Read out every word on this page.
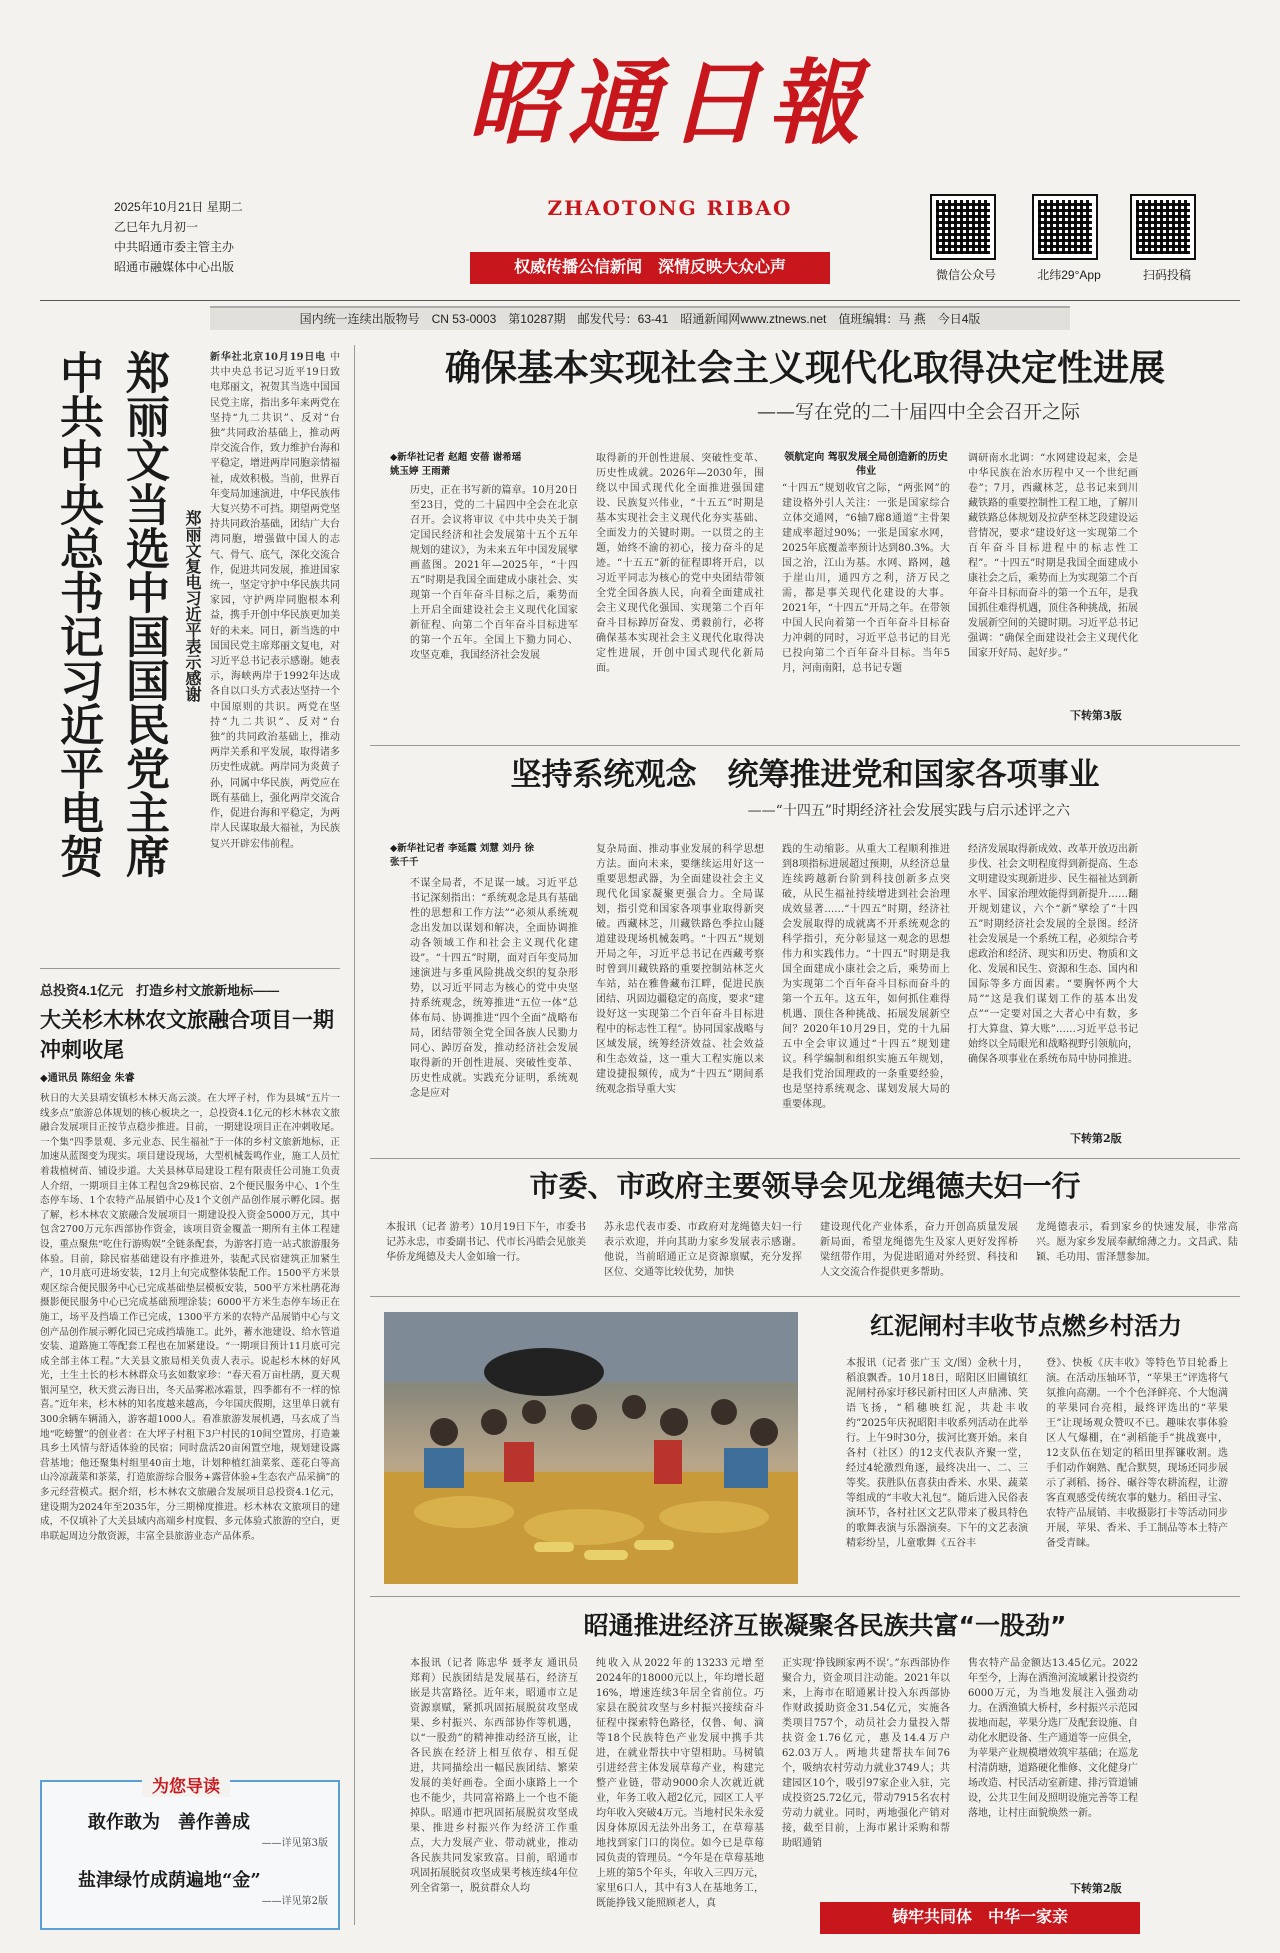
昭通日報
ZHAOTONG RIBAO
2025年10月21日 星期二
乙巳年九月初一
中共昭通市委主管主办
昭通市融媒体中心出版	权威传播公信新闻　深情反映大众心声	微信公众号	北纬29°App	扫码投稿
国内统一连续出版物号　CN 53-0003　第10287期　邮发代号：63-41　昭通新闻网www.ztnews.net　值班编辑：马 燕　今日4版
郑丽文当选中国国民党主席
中共中央总书记习近平电贺	郑丽文复电习近平表示感谢
新华社北京10月19日电 中共中央总书记习近平19日致电郑丽文，祝贺其当选中国国民党主席，指出多年来两党在坚持“九二共识”、反对“台独”共同政治基础上，推动两岸交流合作，致力维护台海和平稳定，增进两岸同胞亲情福祉，成效积极。当前，世界百年变局加速演进，中华民族伟大复兴势不可挡。期望两党坚持共同政治基础，团结广大台湾同胞，增强做中国人的志气、骨气、底气，深化交流合作，促进共同发展，推进国家统一，坚定守护中华民族共同家园，守护两岸同胞根本利益，携手开创中华民族更加美好的未来。同日，新当选的中国国民党主席郑丽文复电，对习近平总书记表示感谢。她表示，海峡两岸于1992年达成各自以口头方式表达坚持一个中国原则的共识。两党在坚持“九二共识”、反对“台独”的共同政治基础上，推动两岸关系和平发展，取得诸多历史性成就。两岸同为炎黄子孙，同属中华民族，两党应在既有基础上，强化两岸交流合作，促进台海和平稳定，为两岸人民谋取最大福祉，为民族复兴开辟宏伟前程。
总投资4.1亿元　打造乡村文旅新地标——
大关杉木林农文旅融合项目一期冲刺收尾
◆通讯员 陈绍金 朱睿
秋日的大关县靖安镇杉木林天高云淡。在大坪子村，作为县城“五片一线多点”旅游总体规划的核心板块之一，总投资4.1亿元的杉木林农文旅融合发展项目正按节点稳步推进。目前，一期建设项目正在冲刺收尾。一个集“四季景观、多元业态、民生福祉”于一体的乡村文旅新地标，正加速从蓝图变为现实。项目建设现场，大型机械轰鸣作业，施工人员忙着栽植树苗、铺设步道。大关县林草局建设工程有限责任公司施工负责人介绍，一期项目主体工程包含29栋民宿、2个便民服务中心、1个生态停车场、1个农特产品展销中心及1个文创产品创作展示孵化园。据了解，杉木林农文旅融合发展项目一期建设投入资金5000万元，其中包含2700万元东西部协作资金，该项目资金覆盖一期所有主体工程建设，重点聚焦“吃住行游购娱”全链条配套，为游客打造一站式旅游服务体验。目前，除民宿基础建设有序推进外，装配式民宿建筑正加紧生产，10月底可进场安装，12月上旬完成整体装配工作。1500平方米景观区综合便民服务中心已完成基础垫层模板安装，500平方米杜鹃花海摄影便民服务中心已完成基础预埋涂装；6000平方米生态停车场正在施工，场平及挡墙工作已完成，1300平方米的农特产品展销中心与文创产品创作展示孵化园已完成挡墙施工。此外，蓄水池建设、给水管道安装、道路施工等配套工程也在加紧建设。“一期项目预计11月底可完成全部主体工程。”大关县文旅局相关负责人表示。说起杉木林的好风光，土生土长的杉木林群众马玄如数家珍：“春天看万亩杜鹃，夏天观银河星空，秋天赏云海日出，冬天品雾凇冰霜景，四季都有不一样的惊喜。”近年来，杉木林的知名度越来越高，今年国庆假期，这里单日就有300余辆车辆涌入，游客超1000人。看准旅游发展机遇，马玄成了当地“吃螃蟹”的创业者：在大坪子村租下3户村民的10间空置房，打造兼具乡土风情与舒适体验的民宿；同时盘活20亩闲置空地，规划建设露营基地；他还聚集村组里40亩土地，计划种植红油菜浆、莲花白等高山冷凉蔬菜和茶菜，打造旅游综合服务+露营体验+生态农产品采摘”的多元经营模式。据介绍，杉木林农文旅融合发展项目总投资4.1亿元，建设期为2024年至2035年，分三期梯度推进。杉木林农文旅项目的建成，不仅填补了大关县域内高端乡村度假、多元体验式旅游的空白，更串联起周边分散资源，丰富全县旅游业态产品体系。
为您导读
敢作敢为　善作善成
——详见第3版
盐津绿竹成荫遍地“金”
——详见第2版
确保基本实现社会主义现代化取得决定性进展
——写在党的二十届四中全会召开之际
◆新华社记者 赵超 安蓓 谢希瑶 姚玉婷 王雨萧
历史，正在书写新的篇章。10月20日至23日，党的二十届四中全会在北京召开。会议将审议《中共中央关于制定国民经济和社会发展第十五个五年规划的建议》，为未来五年中国发展擘画蓝图。2021年—2025年，“十四五”时期是我国全面建成小康社会、实现第一个百年奋斗目标之后，乘势而上开启全面建设社会主义现代化国家新征程、向第二个百年奋斗目标进军的第一个五年。全国上下勠力同心、攻坚克难，我国经济社会发展
取得新的开创性进展、突破性变革、历史性成就。2026年—2030年，围绕以中国式现代化全面推进强国建设、民族复兴伟业，“十五五”时期是基本实现社会主义现代化夯实基础、全面发力的关键时期。一以贯之的主题，始终不渝的初心，接力奋斗的足迹。“十五五”新的征程即将开启，以习近平同志为核心的党中央团结带领全党全国各族人民，向着全面建成社会主义现代化强国、实现第二个百年奋斗目标踔厉奋发、勇毅前行，必将确保基本实现社会主义现代化取得决定性进展，开创中国式现代化新局面。
领航定向 驾驭发展全局创造新的历史伟业
“十四五”规划收官之际，“两张网”的建设格外引人关注：一张是国家综合立体交通网，“6轴7廊8通道”主骨架建成率超过90%；一张是国家水网，2025年底覆盖率预计达到80.3%。大国之治，江山为基。水网、路网，越于崖山川，通四方之利，济万民之需，都是事关现代化建设的大事。2021年，“十四五”开局之年。在带领中国人民向着第一个百年奋斗目标奋力冲刺的同时，习近平总书记的目光已投向第二个百年奋斗目标。当年5月，河南南阳，总书记专题
调研南水北调：“水网建设起来，会是中华民族在治水历程中又一个世纪画卷”；7月，西藏林芝，总书记来到川藏铁路的重要控制性工程工地，了解川藏铁路总体规划及拉萨至林芝段建设运营情况，要求“建设好这一实现第二个百年奋斗目标进程中的标志性工程”。“十四五”时期是我国全面建成小康社会之后，乘势而上为实现第二个百年奋斗目标而奋斗的第一个五年，是我国抓住难得机遇，顶住各种挑战，拓展发展新空间的关键时期。习近平总书记强调：“确保全面建设社会主义现代化国家开好局、起好步。”
下转第3版
坚持系统观念　统筹推进党和国家各项事业
——“十四五”时期经济社会发展实践与启示述评之六
◆新华社记者 李延霞 刘慧 刘丹 徐 张千千
不谋全局者，不足谋一域。习近平总书记深刻指出：“系统观念是具有基础性的思想和工作方法”“必须从系统观念出发加以谋划和解决，全面协调推动各领域工作和社会主义现代化建设”。“十四五”时期，面对百年变局加速演进与多重风险挑战交织的复杂形势，以习近平同志为核心的党中央坚持系统观念，统筹推进“五位一体”总体布局、协调推进“四个全面”战略布局，团结带领全党全国各族人民勠力同心、踔厉奋发，推动经济社会发展取得新的开创性进展、突破性变革、历史性成就。实践充分证明，系统观念是应对
复杂局面、推动事业发展的科学思想方法。面向未来，要继续运用好这一重要思想武器，为全面建设社会主义现代化国家凝聚更强合力。全局谋划，指引党和国家各项事业取得新突破。西藏林芝，川藏铁路色季拉山隧道建设现场机械轰鸣。“十四五”规划开局之年，习近平总书记在西藏考察时曾到川藏铁路的重要控制站林芝火车站，站在雅鲁藏布江畔，促进民族团结、巩固边疆稳定的高度，要求“建设好这一实现第二个百年奋斗目标进程中的标志性工程”。协同国家战略与区域发展，统筹经济效益、社会效益和生态效益，这一重大工程实施以来建设捷报频传，成为“十四五”期间系统观念指导重大实
践的生动缩影。从重大工程顺利推进到8项指标进展超过预期，从经济总量连续跨越新台阶到科技创新多点突破，从民生福祉持续增进到社会治理成效显著……“十四五”时期，经济社会发展取得的成就离不开系统观念的科学指引，充分彰显这一观念的思想伟力和实践伟力。“十四五”时期是我国全面建成小康社会之后，乘势而上为实现第二个百年奋斗目标而奋斗的第一个五年。这五年，如何抓住难得机遇、顶住各种挑战、拓展发展新空间？2020年10月29日，党的十九届五中全会审议通过“十四五”规划建议。科学编制和组织实施五年规划，是我们党治国理政的一条重要经验，也是坚持系统观念、谋划发展大局的重要体现。
经济发展取得新成效、改革开放迈出新步伐、社会文明程度得到新提高、生态文明建设实现新进步、民生福祉达到新水平、国家治理效能得到新提升……翻开规划建议，六个“新”擘绘了“十四五”时期经济社会发展的全景图。经济社会发展是一个系统工程，必须综合考虑政治和经济、现实和历史、物质和文化、发展和民生、资源和生态、国内和国际等多方面因素。“要胸怀两个大局”“这是我们谋划工作的基本出发点”“一定要对国之大者心中有数，多打大算盘、算大账”……习近平总书记始终以全局眼光和战略视野引领航向，确保各项事业在系统布局中协同推进。
下转第2版
市委、市政府主要领导会见龙绳德夫妇一行
本报讯（记者 游考）10月19日下午，市委书记苏永忠，市委副书记、代市长冯皓会见旅美华侨龙绳德及夫人金如瑜一行。
苏永忠代表市委、市政府对龙绳德夫妇一行表示欢迎，并向其助力家乡发展表示感谢。他说，当前昭通正立足资源禀赋，充分发挥区位、交通等比较优势，加快
建设现代化产业体系，奋力开创高质量发展新局面，希望龙绳德先生及家人更好发挥桥梁纽带作用，为促进昭通对外经贸、科技和人文交流合作提供更多帮助。
龙绳德表示，看到家乡的快速发展，非常高兴。愿为家乡发展奉献绵薄之力。文昌武、陆颖、毛功用、雷泽慧参加。
红泥闸村丰收节点燃乡村活力
本报讯（记者 张广玉 文/图）金秋十月，稻浪飘香。10月18日，昭阳区旧圃镇红泥闸村孙家圩移民新村田区人声鼎沸、笑语飞扬，“稻穗映红泥，共赴丰收约”2025年庆祝昭阳丰收系列活动在此举行。上午9时30分，拔河比赛开始。来自各村（社区）的12支代表队齐聚一堂，经过4轮激烈角逐，最终决出一、二、三等奖。获胜队伍喜获由香米、水果、蔬菜等组成的“丰收大礼包”。随后进入民俗表演环节，各村社区文艺队带来了极具特色的歌舞表演与乐器演奏。下午的文艺表演精彩纷呈，儿童歌舞《五谷丰
登》、快板《庆丰收》等特色节目轮番上演。在活动压轴环节，“苹果王”评选将气氛推向高潮。一个个色泽鲜亮、个大饱满的苹果同台亮相，最终评选出的“苹果王”让现场观众赞叹不已。趣味农事体验区人气爆棚，在“剥稻能手”挑战赛中，12支队伍在划定的稻田里挥镰收割。选手们动作娴熟、配合默契，现场还同步展示了剥稻、扬谷、碾谷等农耕流程，让游客直观感受传统农事的魅力。稻田寻宝、农特产品展销、丰收摄影打卡等活动同步开展，苹果、香米、手工制品等本土特产备受青睐。
昭通推进经济互嵌凝聚各民族共富“一股劲”
本报讯（记者 陈忠华 聂孝友 通讯员 郑莉）民族团结是发展基石，经济互嵌是共富路径。近年来，昭通市立足资源禀赋，紧抓巩固拓展脱贫攻坚成果、乡村振兴、东西部协作等机遇，以“一股劲”的精神推动经济互嵌，让各民族在经济上相互依存、相互促进，共同描绘出一幅民族团结、繁荣发展的美好画卷。全面小康路上一个也不能少，共同富裕路上一个也不能掉队。昭通市把巩固拓展脱贫攻坚成果、推进乡村振兴作为经济工作重点，大力发展产业、带动就业，推动各民族共同发家致富。目前，昭通市巩固拓展脱贫攻坚成果考核连续4年位列全省第一，脱贫群众人均
纯收入从2022年的13233元增至2024年的18000元以上，年均增长超16%，增速连续3年居全省前位。巧家县在脱贫攻坚与乡村振兴接续奋斗征程中探索特色路径，仅鲁、甸、滴等18个民族特色产业发展中携手共进，在就业帮扶中守望相助。马树镇引进经营主体发展草莓产业，构建完整产业链，带动9000余人次就近就业，年务工收入超2亿元，园区工人平均年收入突破4万元。当地村民朱永爱因身体原因无法外出务工，在草莓基地找到家门口的岗位。如今已是草莓园负责的管理员。“今年是在草莓基地上班的第5个年头，年收入三四万元，家里6口人，其中有3人在基地务工，既能挣钱又能照顾老人，真
正实现‘挣钱顾家两不误’。”东西部协作聚合力，资金项目注动能。2021年以来，上海市在昭通累计投入东西部协作财政援助资金31.54亿元，实施各类项目757个，动员社会力量投入帮扶资金1.76亿元，惠及14.4万户62.03万人。两地共建帮扶车间76个，吸纳农村劳动力就业3749人；共建园区10个，吸引97家企业入驻，完成投资25.72亿元，带动7915名农村劳动力就业。同时，两地强化产销对接，截至目前，上海市累计采购和帮助昭通销
售农特产品金额达13.45亿元。2022年至今，上海在洒渔河流域累计投资约6000万元，为当地发展注入强劲动力。在洒渔镇大桥村，乡村振兴示范园拔地而起，苹果分选厂及配套设施、自动化水肥设备、生产通道等一应俱全，为苹果产业规模增效筑牢基础；在巡龙村清荫塘，道路硬化惟修、文化健身广场改造、村民活动室新建、排污管道铺设，公共卫生间及照明设施完善等工程落地，让村庄面貌焕然一新。
下转第2版
铸牢共同体　中华一家亲
